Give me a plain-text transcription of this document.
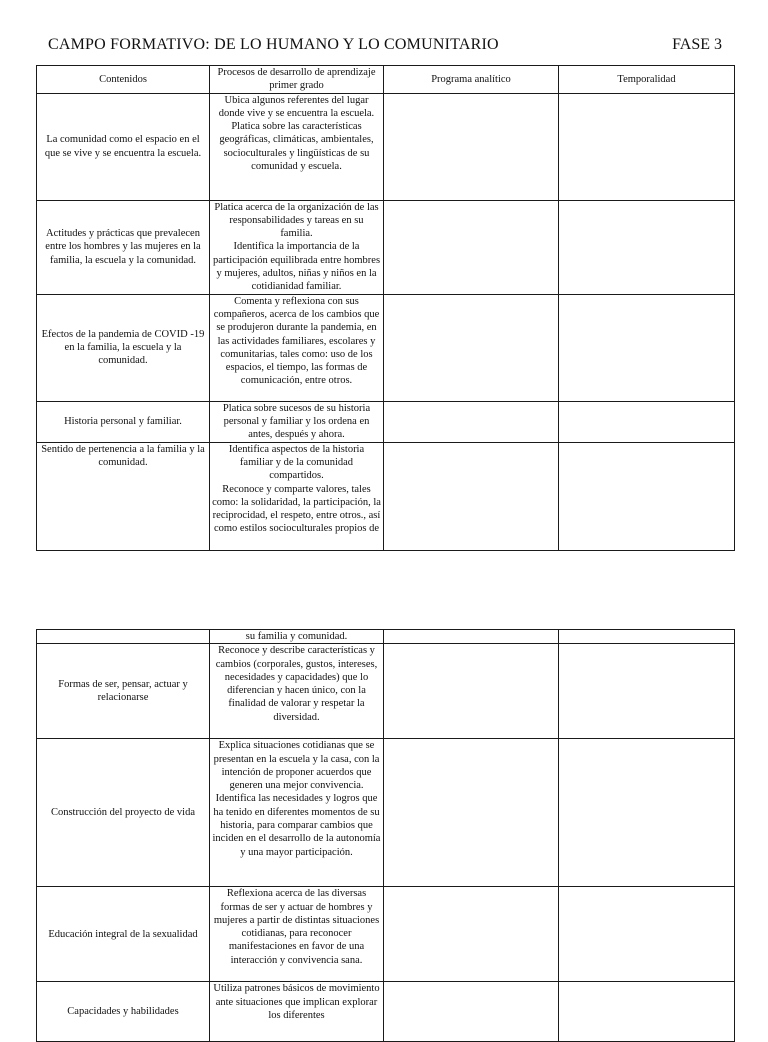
CAMPO FORMATIVO: DE LO HUMANO Y LO COMUNITARIO	FASE 3
Contenidos	Procesos de desarrollo de aprendizaje primer grado	Programa analítico	Temporalidad
La comunidad como el espacio en el que se vive y se encuentra la escuela.	Ubica algunos referentes del lugar donde vive y se encuentra la escuela.
Platica sobre las características geográficas, climáticas, ambientales, socioculturales y lingüísticas de su comunidad y escuela.		
Actitudes y prácticas que prevalecen entre los hombres y las mujeres en la familia, la escuela y la comunidad.	Platica acerca de la organización de las responsabilidades y tareas en su familia.
Identifica la importancia de la participación equilibrada entre hombres y mujeres, adultos, niñas y niños en la cotidianidad familiar.		
Efectos de la pandemia de COVID -19 en la familia, la escuela y la comunidad.	Comenta y reflexiona con sus compañeros, acerca de los cambios que se produjeron durante la pandemia, en las actividades familiares, escolares y comunitarias, tales como: uso de los espacios, el tiempo, las formas de comunicación, entre otros.		
Historia personal y familiar.	Platica sobre sucesos de su historia personal y familiar y los ordena en antes, después y ahora.		
Sentido de pertenencia a la familia y la comunidad.	Identifica aspectos de la historia familiar y de la comunidad compartidos.
Reconoce y comparte valores, tales como: la solidaridad, la participación, la reciprocidad, el respeto, entre otros., así como estilos socioculturales propios de		
	su familia y comunidad.		
Formas de ser, pensar, actuar y relacionarse	Reconoce y describe características y cambios (corporales, gustos, intereses, necesidades y capacidades) que lo diferencian y hacen único, con la finalidad de valorar y respetar la diversidad.		
Construcción del proyecto de vida	Explica situaciones cotidianas que se presentan en la escuela y la casa, con la intención de proponer acuerdos que generen una mejor convivencia.
Identifica las necesidades y logros que ha tenido en diferentes momentos de su historia, para comparar cambios que inciden en el desarrollo de la autonomía y una mayor participación.		
Educación integral de la sexualidad	Reflexiona acerca de las diversas formas de ser y actuar de hombres y mujeres a partir de distintas situaciones cotidianas, para reconocer manifestaciones en favor de una interacción y convivencia sana.		
Capacidades y habilidades	Utiliza patrones básicos de movimiento ante situaciones que implican explorar los diferentes		
